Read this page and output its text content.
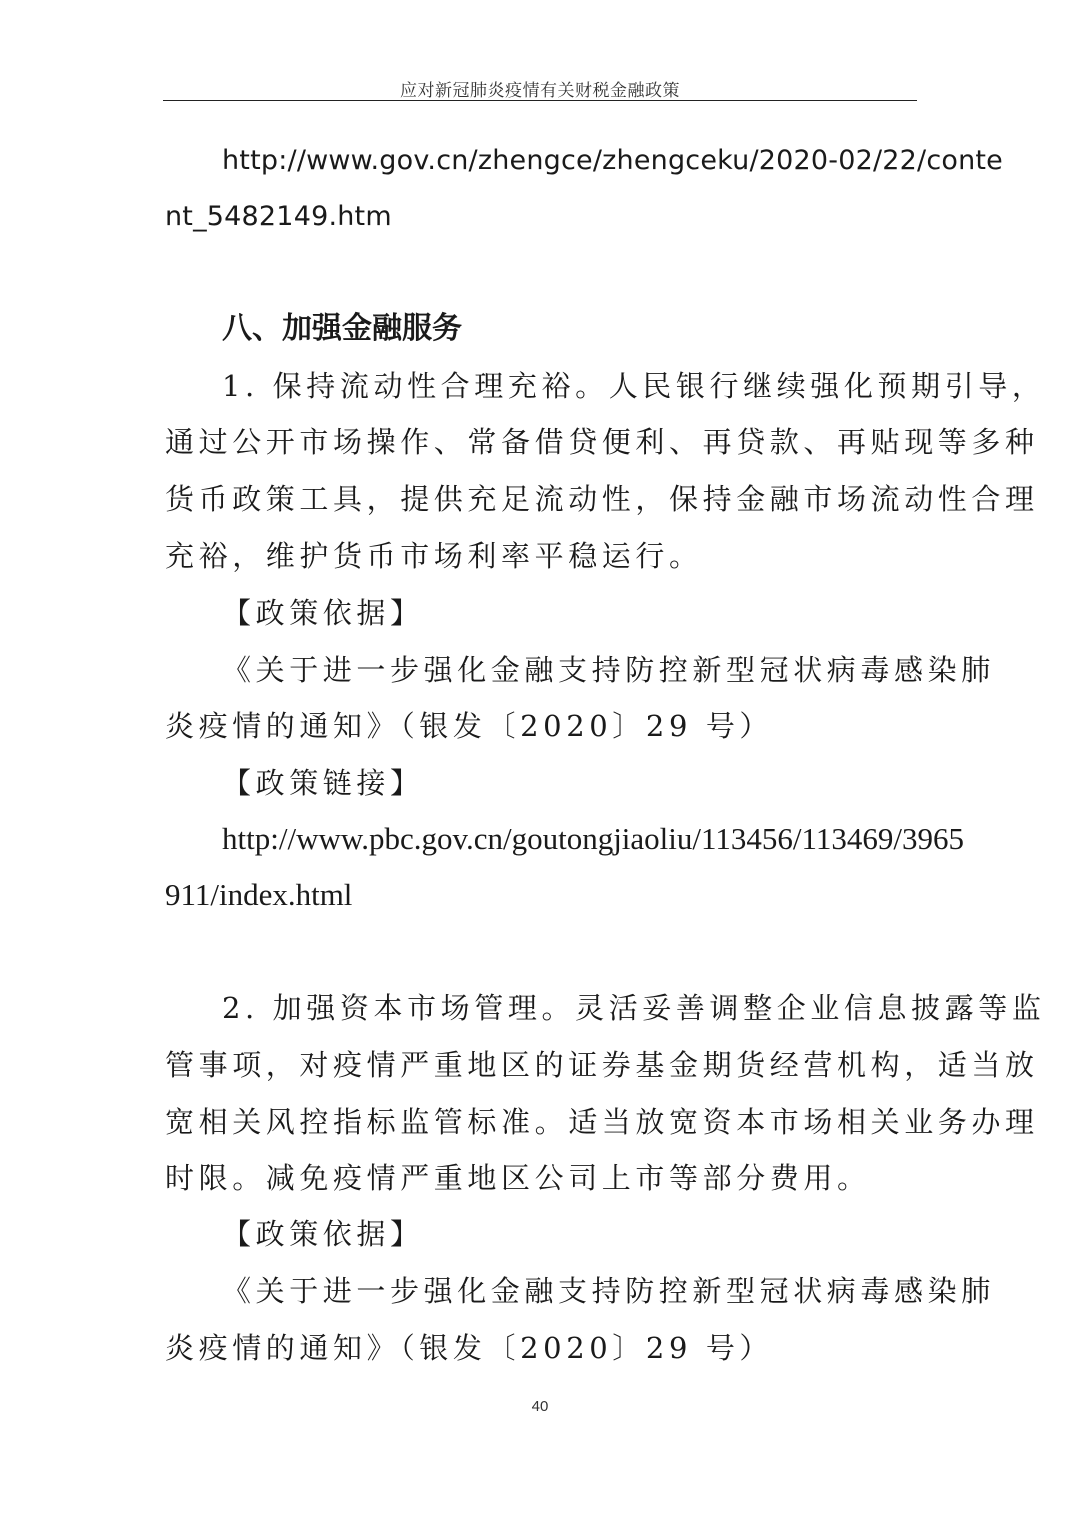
应对新冠肺炎疫情有关财税金融政策
http://www.gov.cn/zhengce/zhengceku/2020-02/22/conte
nt_5482149.htm
八、加强金融服务
1. 保持流动性合理充裕。人民银行继续强化预期引导，
通过公开市场操作、常备借贷便利、再贷款、再贴现等多种
货币政策工具，提供充足流动性，保持金融市场流动性合理
充裕，维护货币市场利率平稳运行。
【政策依据】
《关于进一步强化金融支持防控新型冠状病毒感染肺
炎疫情的通知》（银发〔2020〕29 号）
【政策链接】
http://www.pbc.gov.cn/goutongjiaoliu/113456/113469/3965
911/index.html
2. 加强资本市场管理。灵活妥善调整企业信息披露等监
管事项，对疫情严重地区的证券基金期货经营机构，适当放
宽相关风控指标监管标准。适当放宽资本市场相关业务办理
时限。减免疫情严重地区公司上市等部分费用。
【政策依据】
《关于进一步强化金融支持防控新型冠状病毒感染肺
炎疫情的通知》（银发〔2020〕29 号）
40
